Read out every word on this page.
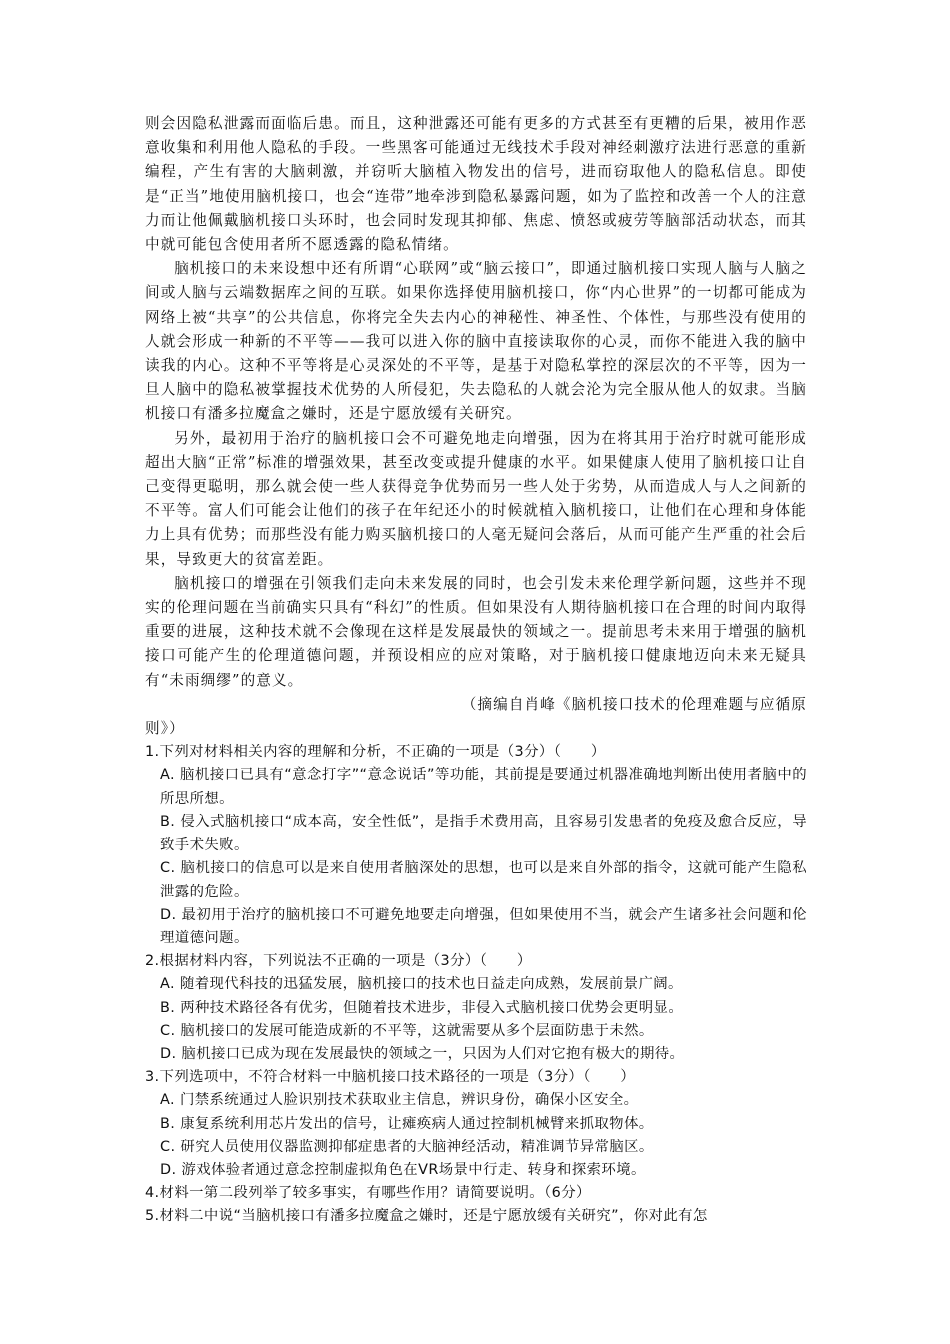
则会因隐私泄露而面临后患。而且，这种泄露还可能有更多的方式甚至有更糟的后果，被用作恶意收集和利用他人隐私的手段。一些黑客可能通过无线技术手段对神经刺激疗法进行恶意的重新编程，产生有害的大脑刺激，并窃听大脑植入物发出的信号，进而窃取他人的隐私信息。即使是“正当”地使用脑机接口，也会“连带”地牵涉到隐私暴露问题，如为了监控和改善一个人的注意力而让他佩戴脑机接口头环时，也会同时发现其抑郁、焦虑、愤怒或疲劳等脑部活动状态，而其中就可能包含使用者所不愿透露的隐私情绪。

脑机接口的未来设想中还有所谓“心联网”或“脑云接口”，即通过脑机接口实现人脑与人脑之间或人脑与云端数据库之间的互联。如果你选择使用脑机接口，你“内心世界”的一切都可能成为网络上被“共享”的公共信息，你将完全失去内心的神秘性、神圣性、个体性，与那些没有使用的人就会形成一种新的不平等——我可以进入你的脑中直接读取你的心灵，而你不能进入我的脑中读我的内心。这种不平等将是心灵深处的不平等，是基于对隐私掌控的深层次的不平等，因为一旦人脑中的隐私被掌握技术优势的人所侵犯，失去隐私的人就会沦为完全服从他人的奴隶。当脑机接口有潘多拉魔盒之嫌时，还是宁愿放缓有关研究。

另外，最初用于治疗的脑机接口会不可避免地走向增强，因为在将其用于治疗时就可能形成超出大脑“正常”标准的增强效果，甚至改变或提升健康的水平。如果健康人使用了脑机接口让自己变得更聪明，那么就会使一些人获得竞争优势而另一些人处于劣势，从而造成人与人之间新的不平等。富人们可能会让他们的孩子在年纪还小的时候就植入脑机接口，让他们在心理和身体能力上具有优势；而那些没有能力购买脑机接口的人毫无疑问会落后，从而可能产生严重的社会后果，导致更大的贫富差距。

脑机接口的增强在引领我们走向未来发展的同时，也会引发未来伦理学新问题，这些并不现实的伦理问题在当前确实只具有“科幻”的性质。但如果没有人期待脑机接口在合理的时间内取得重要的进展，这种技术就不会像现在这样是发展最快的领域之一。提前思考未来用于增强的脑机接口可能产生的伦理道德问题，并预设相应的应对策略，对于脑机接口健康地迈向未来无疑具有“未雨绸缪”的意义。

（摘编自肖峰《脑机接口技术的伦理难题与应循原
则》）

1.下列对材料相关内容的理解和分析，不正确的一项是（3分）（　　）

A. 脑机接口已具有“意念打字”“意念说话”等功能，其前提是要通过机器准确地判断出使用者脑中的所思所想。

B. 侵入式脑机接口“成本高，安全性低”，是指手术费用高，且容易引发患者的免疫及愈合反应，导致手术失败。

C. 脑机接口的信息可以是来自使用者脑深处的思想，也可以是来自外部的指令，这就可能产生隐私泄露的危险。

D. 最初用于治疗的脑机接口不可避免地要走向增强，但如果使用不当，就会产生诸多社会问题和伦理道德问题。

2.根据材料内容，下列说法不正确的一项是（3分）（　　）

A. 随着现代科技的迅猛发展，脑机接口的技术也日益走向成熟，发展前景广阔。

B. 两种技术路径各有优劣，但随着技术进步，非侵入式脑机接口优势会更明显。

C. 脑机接口的发展可能造成新的不平等，这就需要从多个层面防患于未然。

D. 脑机接口已成为现在发展最快的领域之一，只因为人们对它抱有极大的期待。

3.下列选项中，不符合材料一中脑机接口技术路径的一项是（3分）（　　）

A. 门禁系统通过人脸识别技术获取业主信息，辨识身份，确保小区安全。

B. 康复系统利用芯片发出的信号，让瘫痪病人通过控制机械臂来抓取物体。

C. 研究人员使用仪器监测抑郁症患者的大脑神经活动，精准调节异常脑区。

D. 游戏体验者通过意念控制虚拟角色在VR场景中行走、转身和探索环境。

4.材料一第二段列举了较多事实，有哪些作用？请简要说明。（6分）

5.材料二中说“当脑机接口有潘多拉魔盒之嫌时，还是宁愿放缓有关研究”，你对此有怎
